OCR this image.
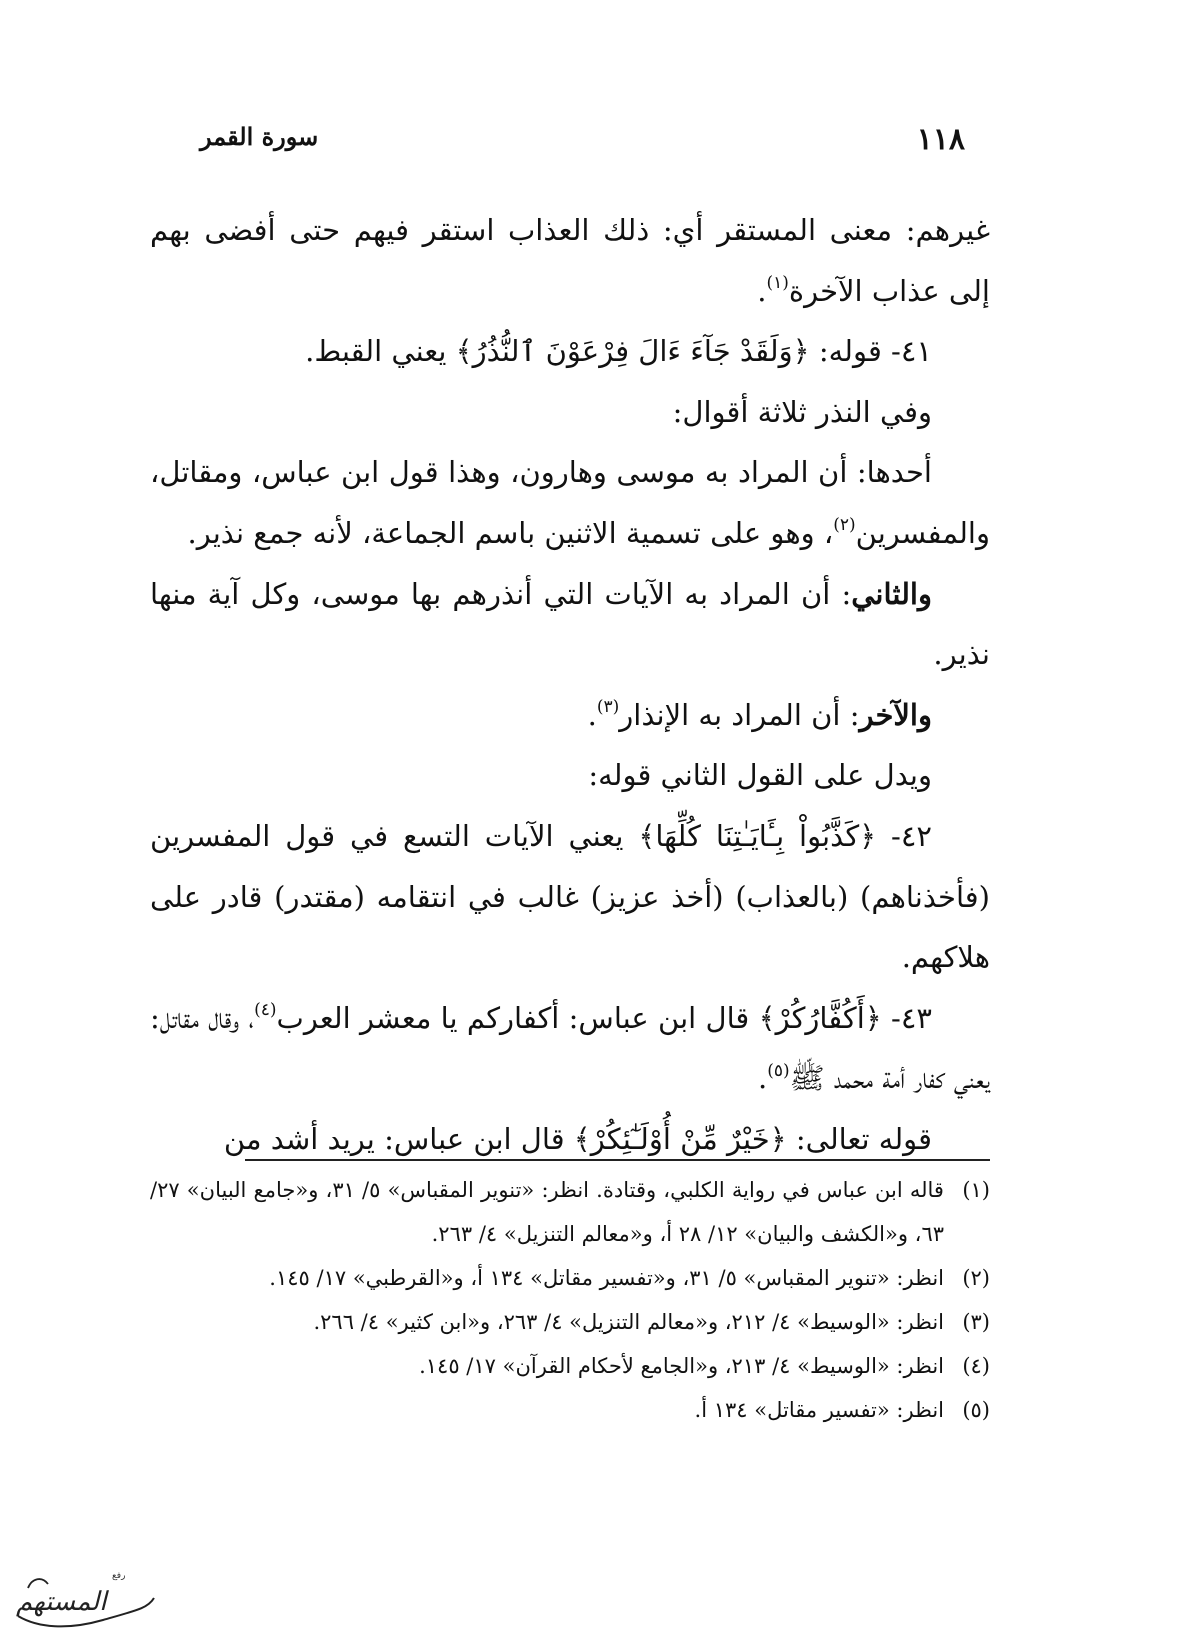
١١٨
سورة القمر

غيرهم: معنى المستقر أي: ذلك العذاب استقر فيهم حتى أفضى بهم إلى عذاب الآخرة$^{(١)}$.

٤١- قوله: ﴿وَلَقَدْ جَآءَ ءَالَ فِرْعَوْنَ ٱلنُّذُرُ﴾ يعني القبط.

وفي النذر ثلاثة أقوال:

أحدها: أن المراد به موسى وهارون، وهذا قول ابن عباس، ومقاتل، والمفسرين$^{(٢)}$، وهو على تسمية الاثنين باسم الجماعة، لأنه جمع نذير.

والثاني: أن المراد به الآيات التي أنذرهم بها موسى، وكل آية منها نذير.

والآخر: أن المراد به الإنذار$^{(٣)}$.

ويدل على القول الثاني قوله:

٤٢- ﴿كَذَّبُواْ بِـَٔايَـٰتِنَا كُلِّهَا﴾ يعني الآيات التسع في قول المفسرين (فأخذناهم) (بالعذاب) (أخذ عزيز) غالب في انتقامه (مقتدر) قادر على هلاكهم.

٤٣- ﴿أَكُفَّارُكُرْ﴾ قال ابن عباس: أكفاركم يا معشر العرب$^{(٤)}$، وقال مقاتل: يعني كفار أمة محمد ﷺ$^{(٥)}$.

قوله تعالى: ﴿خَيْرٌ مِّنْ أُوْلَـٰٓئِكُرْ﴾ قال ابن عباس: يريد أشد من

(١)
قاله ابن عباس في رواية الكلبي، وقتادة. انظر: «تنوير المقباس» ٥/ ٣١، و«جامع البيان» ٢٧/ ٦٣، و«الكشف والبيان» ١٢/ ٢٨ أ، و«معالم التنزيل» ٤/ ٢٦٣.
(٢)
انظر: «تنوير المقباس» ٥/ ٣١، و«تفسير مقاتل» ١٣٤ أ، و«القرطبي» ١٧/ ١٤٥.
(٣)
انظر: «الوسيط» ٤/ ٢١٢، و«معالم التنزيل» ٤/ ٢٦٣، و«ابن كثير» ٤/ ٢٦٦.
(٤)
انظر: «الوسيط» ٤/ ٢١٣، و«الجامع لأحكام القرآن» ١٧/ ١٤٥.
(٥)
انظر: «تفسير مقاتل» ١٣٤ أ.
المستهم
رفع
